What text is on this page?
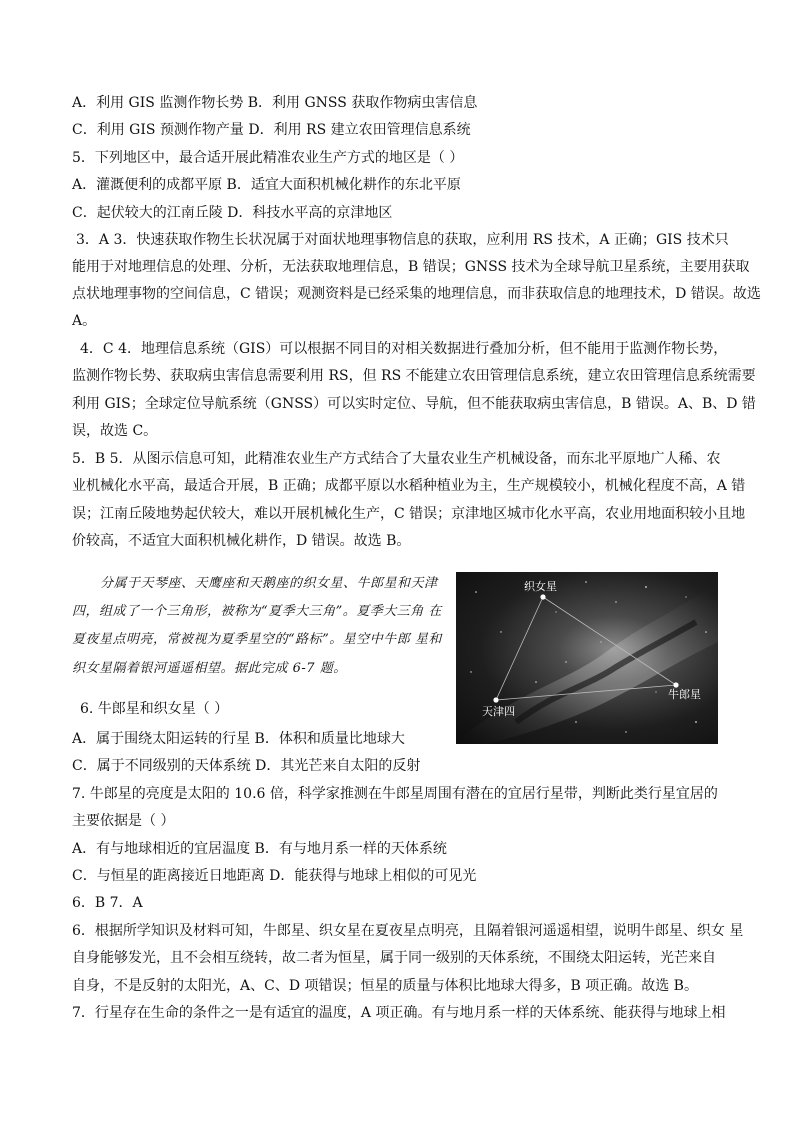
A．利用 GIS 监测作物长势 B．利用 GNSS 获取作物病虫害信息
C．利用 GIS 预测作物产量 D．利用 RS 建立农田管理信息系统
5．下列地区中，最合适开展此精准农业生产方式的地区是（ ）
A．灌溉便利的成都平原 B．适宜大面积机械化耕作的东北平原
C．起伏较大的江南丘陵 D．科技水平高的京津地区
3．A 3．快速获取作物生长状况属于对面状地理事物信息的获取，应利用 RS 技术，A 正确；GIS 技术只
能用于对地理信息的处理、分析，无法获取地理信息，B 错误；GNSS 技术为全球导航卫星系统，主要用获取
点状地理事物的空间信息，C 错误；观测资料是已经采集的地理信息，而非获取信息的地理技术，D 错误。故选
A。
4．C 4．地理信息系统（GIS）可以根据不同目的对相关数据进行叠加分析，但不能用于监测作物长势，
监测作物长势、获取病虫害信息需要利用 RS，但 RS 不能建立农田管理信息系统，建立农田管理信息系统需要
利用 GIS；全球定位导航系统（GNSS）可以实时定位、导航，但不能获取病虫害信息，B 错误。A、B、D 错
误，故选 C。
5．B 5．从图示信息可知，此精准农业生产方式结合了大量农业生产机械设备，而东北平原地广人稀、农
业机械化水平高，最适合开展，B 正确；成都平原以水稻种植业为主，生产规模较小，机械化程度不高，A 错
误；江南丘陵地势起伏较大，难以开展机械化生产，C 错误；京津地区城市化水平高，农业用地面积较小且地
价较高，不适宜大面积机械化耕作，D 错误。故选 B。
分属于天琴座、天鹰座和天鹅座的织女星、牛郎星和天津
四，组成了一个三角形，被称为“夏季大三角”。夏季大三角 在
夏夜星点明亮，常被视为夏季星空的“路标”。星空中牛郎 星和
织女星隔着银河遥遥相望。据此完成 6-7 题。
织女星
牛郎星
天津四
6. 牛郎星和织女星（ ）
A．属于围绕太阳运转的行星 B．体积和质量比地球大
C．属于不同级别的天体系统 D．其光芒来自太阳的反射
7. 牛郎星的亮度是太阳的 10.6 倍，科学家推测在牛郎星周围有潜在的宜居行星带，判断此类行星宜居的
主要依据是（ ）
A．有与地球相近的宜居温度 B．有与地月系一样的天体系统
C．与恒星的距离接近日地距离 D．能获得与地球上相似的可见光
6．B 7．A
6．根据所学知识及材料可知，牛郎星、织女星在夏夜星点明亮，且隔着银河遥遥相望，说明牛郎星、织女 星
自身能够发光，且不会相互绕转，故二者为恒星，属于同一级别的天体系统，不围绕太阳运转，光芒来自
自身，不是反射的太阳光，A、C、D 项错误；恒星的质量与体积比地球大得多，B 项正确。故选 B。
7．行星存在生命的条件之一是有适宜的温度，A 项正确。有与地月系一样的天体系统、能获得与地球上相
